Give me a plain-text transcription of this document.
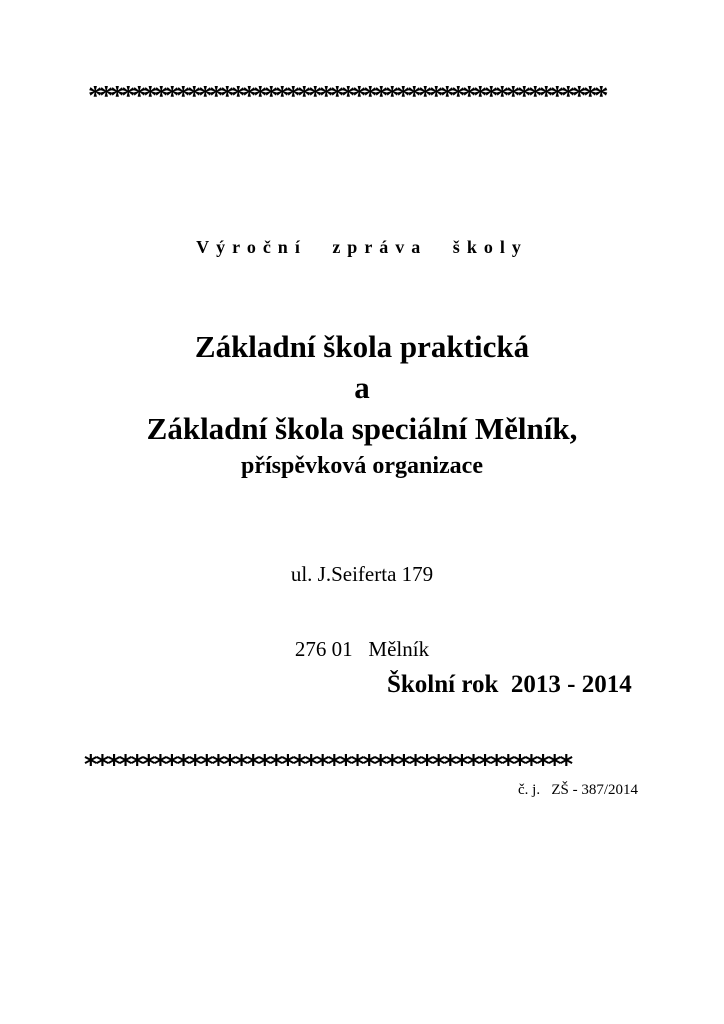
***********************************************
Výroční zpráva školy
Základní škola praktická
a
Základní škola speciální Mělník,
příspěvková organizace

ul. J.Seiferta 179

276 01   Mělník

Školní rok  2013 - 2014
******************************************
č. j.   ZŠ - 387/2014
